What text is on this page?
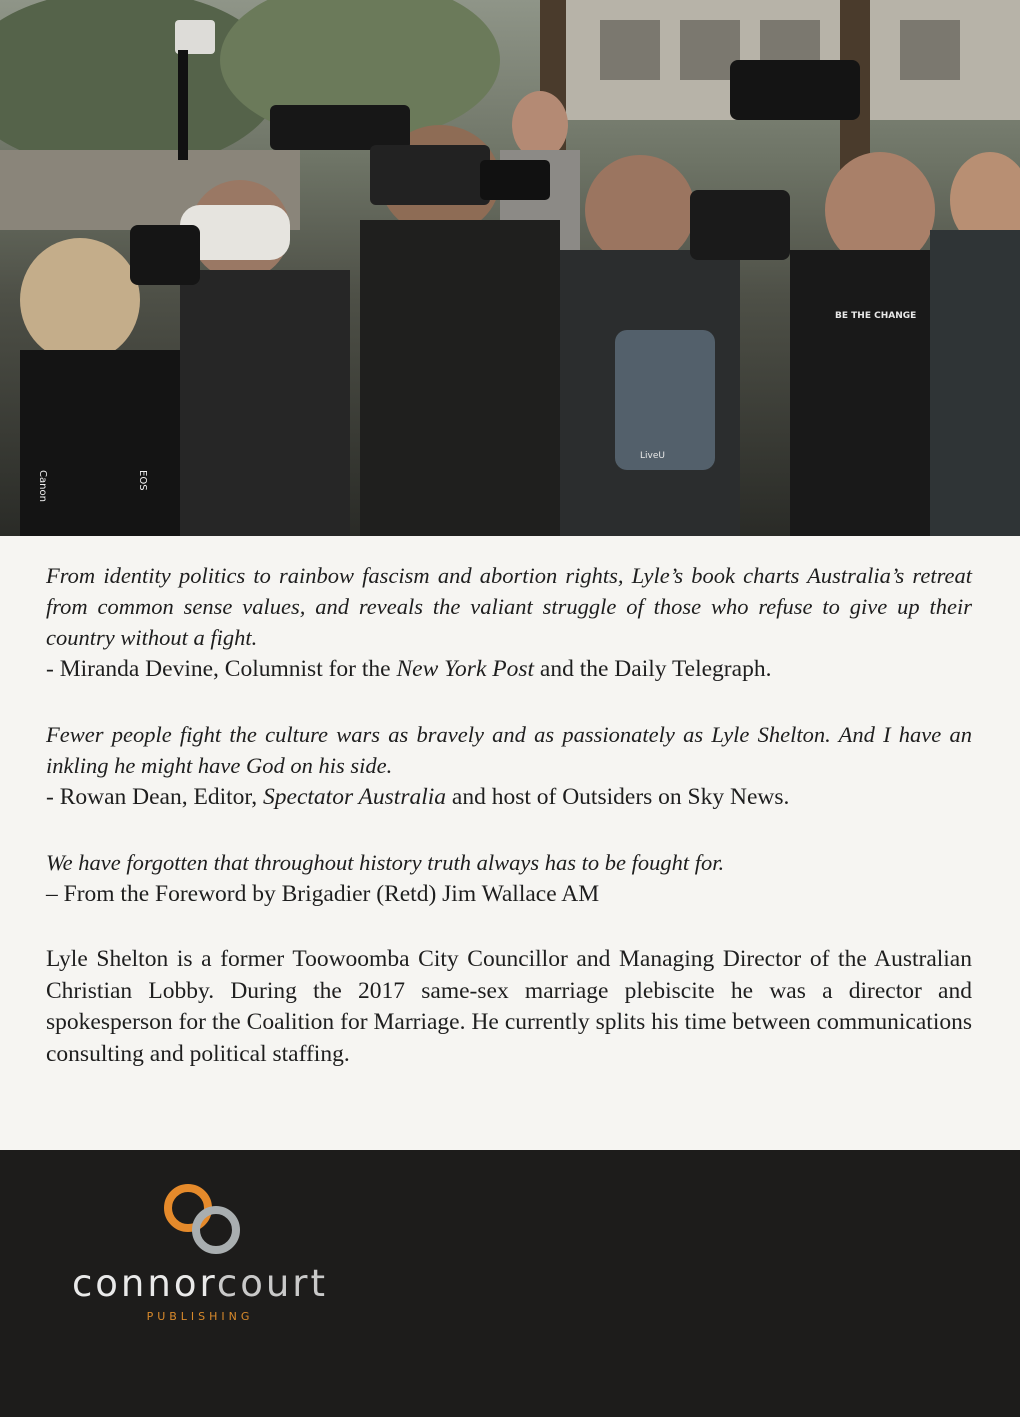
BE THE CHANGE
LiveU
Canon	EOS

From identity politics to rainbow fascism and abortion rights, Lyle’s book charts Australia’s retreat from common sense values, and reveals the valiant struggle of those who refuse to give up their country without a fight.

- Miranda Devine, Columnist for the New York Post and the Daily Telegraph.

Fewer people fight the culture wars as bravely and as passionately as Lyle Shelton. And I have an inkling he might have God on his side.

- Rowan Dean, Editor, Spectator Australia and host of Outsiders on Sky News.

We have forgotten that throughout history truth always has to be fought for.

– From the Foreword by Brigadier (Retd) Jim Wallace AM

Lyle Shelton is a former Toowoomba City Councillor and Managing Director of the Australian Christian Lobby. During the 2017 same-sex marriage plebiscite he was a director and spokesperson for the Coalition for Marriage. He currently splits his time between communications consulting and political staffing.

connorcourt
PUBLISHING
